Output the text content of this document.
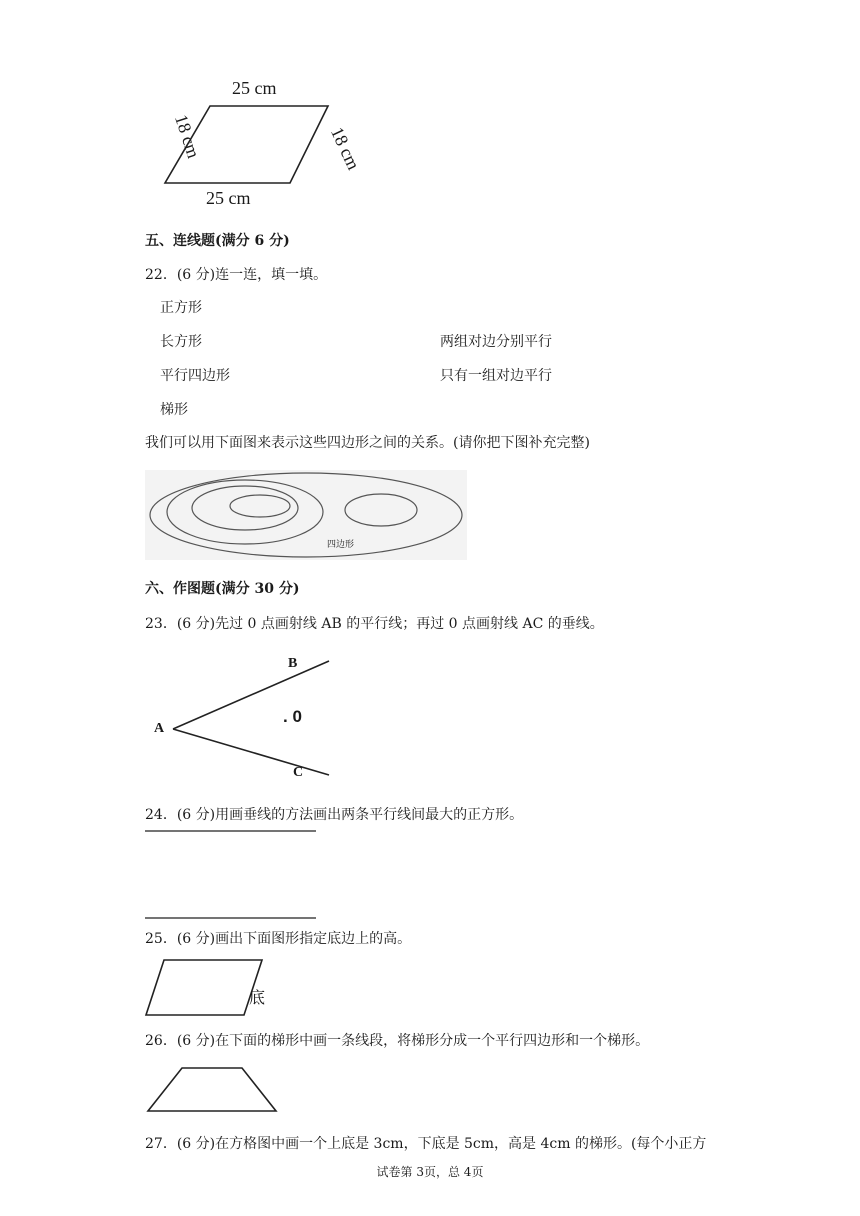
25 cm
25 cm
18 cm	18 cm
五、连线题(满分 6 分)
22．(6 分)连一连，填一填。
正方形
长方形
平行四边形
梯形
两组对边分别平行
只有一组对边平行
我们可以用下面图来表示这些四边形之间的关系。(请你把下图补充完整)
四边形
六、作图题(满分 30 分)
23．(6 分)先过 0 点画射线 AB 的平行线；再过 0 点画射线 AC 的垂线。
A
B
C
. 0
24．(6 分)用画垂线的方法画出两条平行线间最大的正方形。
25．(6 分)画出下面图形指定底边上的高。
底
26．(6 分)在下面的梯形中画一条线段，将梯形分成一个平行四边形和一个梯形。
27．(6 分)在方格图中画一个上底是 3cm，下底是 5cm，高是 4cm 的梯形。(每个小正方
试卷第 3页，总 4页
